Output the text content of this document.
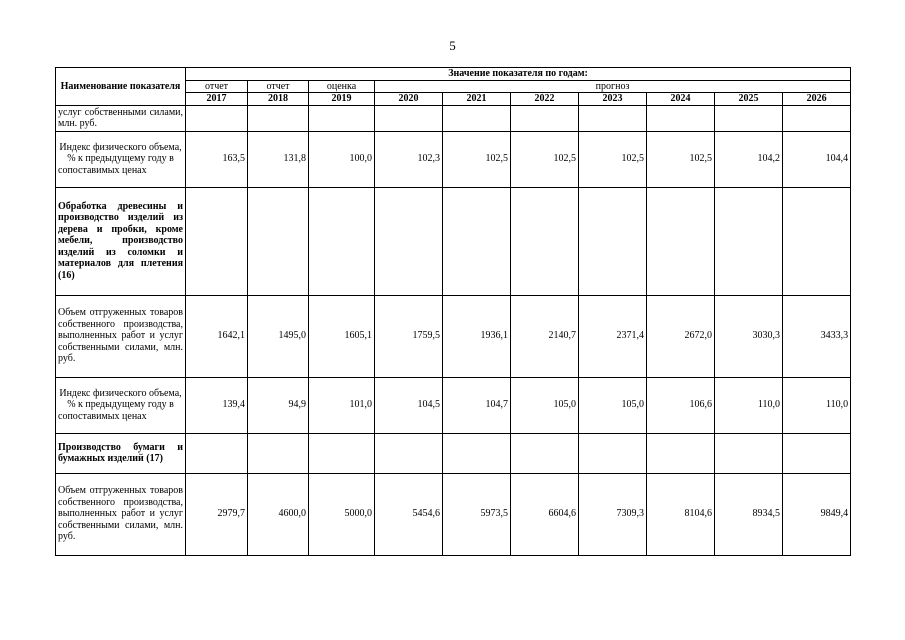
5
Наименование показателя	Значение показателя по годам:									
	отчет	отчет	оценка	прогноз						
	2017	2018	2019	2020	2021	2022	2023	2024	2025	2026
услуг собственными силами, млн. руб.										
Индекс физического объема, % к предыдущему году в сопоставимых ценах	163,5	131,8	100,0	102,3	102,5	102,5	102,5	102,5	104,2	104,4
Обработка древесины и производство изделий из дерева и пробки, кроме мебели, производство изделий из соломки и материалов для плетения (16)										
Объем отгруженных товаров собственного производства, выполненных работ и услуг собственными силами, млн. руб.	1642,1	1495,0	1605,1	1759,5	1936,1	2140,7	2371,4	2672,0	3030,3	3433,3
Индекс физического объема, % к предыдущему году в сопоставимых ценах	139,4	94,9	101,0	104,5	104,7	105,0	105,0	106,6	110,0	110,0
Производство бумаги и бумажных изделий (17)										
Объем отгруженных товаров собственного производства, выполненных работ и услуг собственными силами, млн. руб.	2979,7	4600,0	5000,0	5454,6	5973,5	6604,6	7309,3	8104,6	8934,5	9849,4
